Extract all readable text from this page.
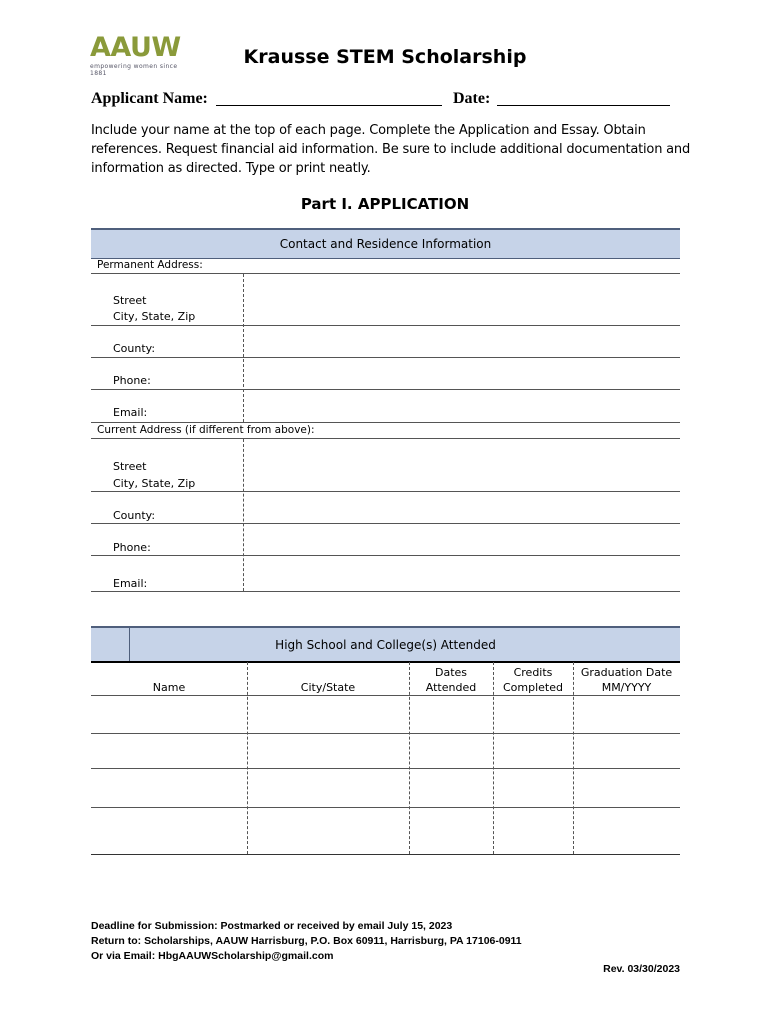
AAUW
empowering women since 1881
Krausse STEM Scholarship
Applicant Name:	Date:
Include your name at the top of each page. Complete the Application and Essay. Obtain references. Request financial aid information. Be sure to include additional documentation and information as directed. Type or print neatly.
Part I. APPLICATION
Contact and Residence Information
Permanent Address:
Street
City, State, Zip
County:
Phone:
Email:
Current Address (if different from above):
Street
City, State, Zip
County:
Phone:
Email:
High School and College(s) Attended
Name	City/State
Dates
Attended
Credits
Completed
Graduation Date
MM/YYYY
Deadline for Submission: Postmarked or received by email July 15, 2023
Return to: Scholarships, AAUW Harrisburg, P.O. Box 60911, Harrisburg, PA 17106-0911
Or via Email: HbgAAUWScholarship@gmail.com
Rev. 03/30/2023
